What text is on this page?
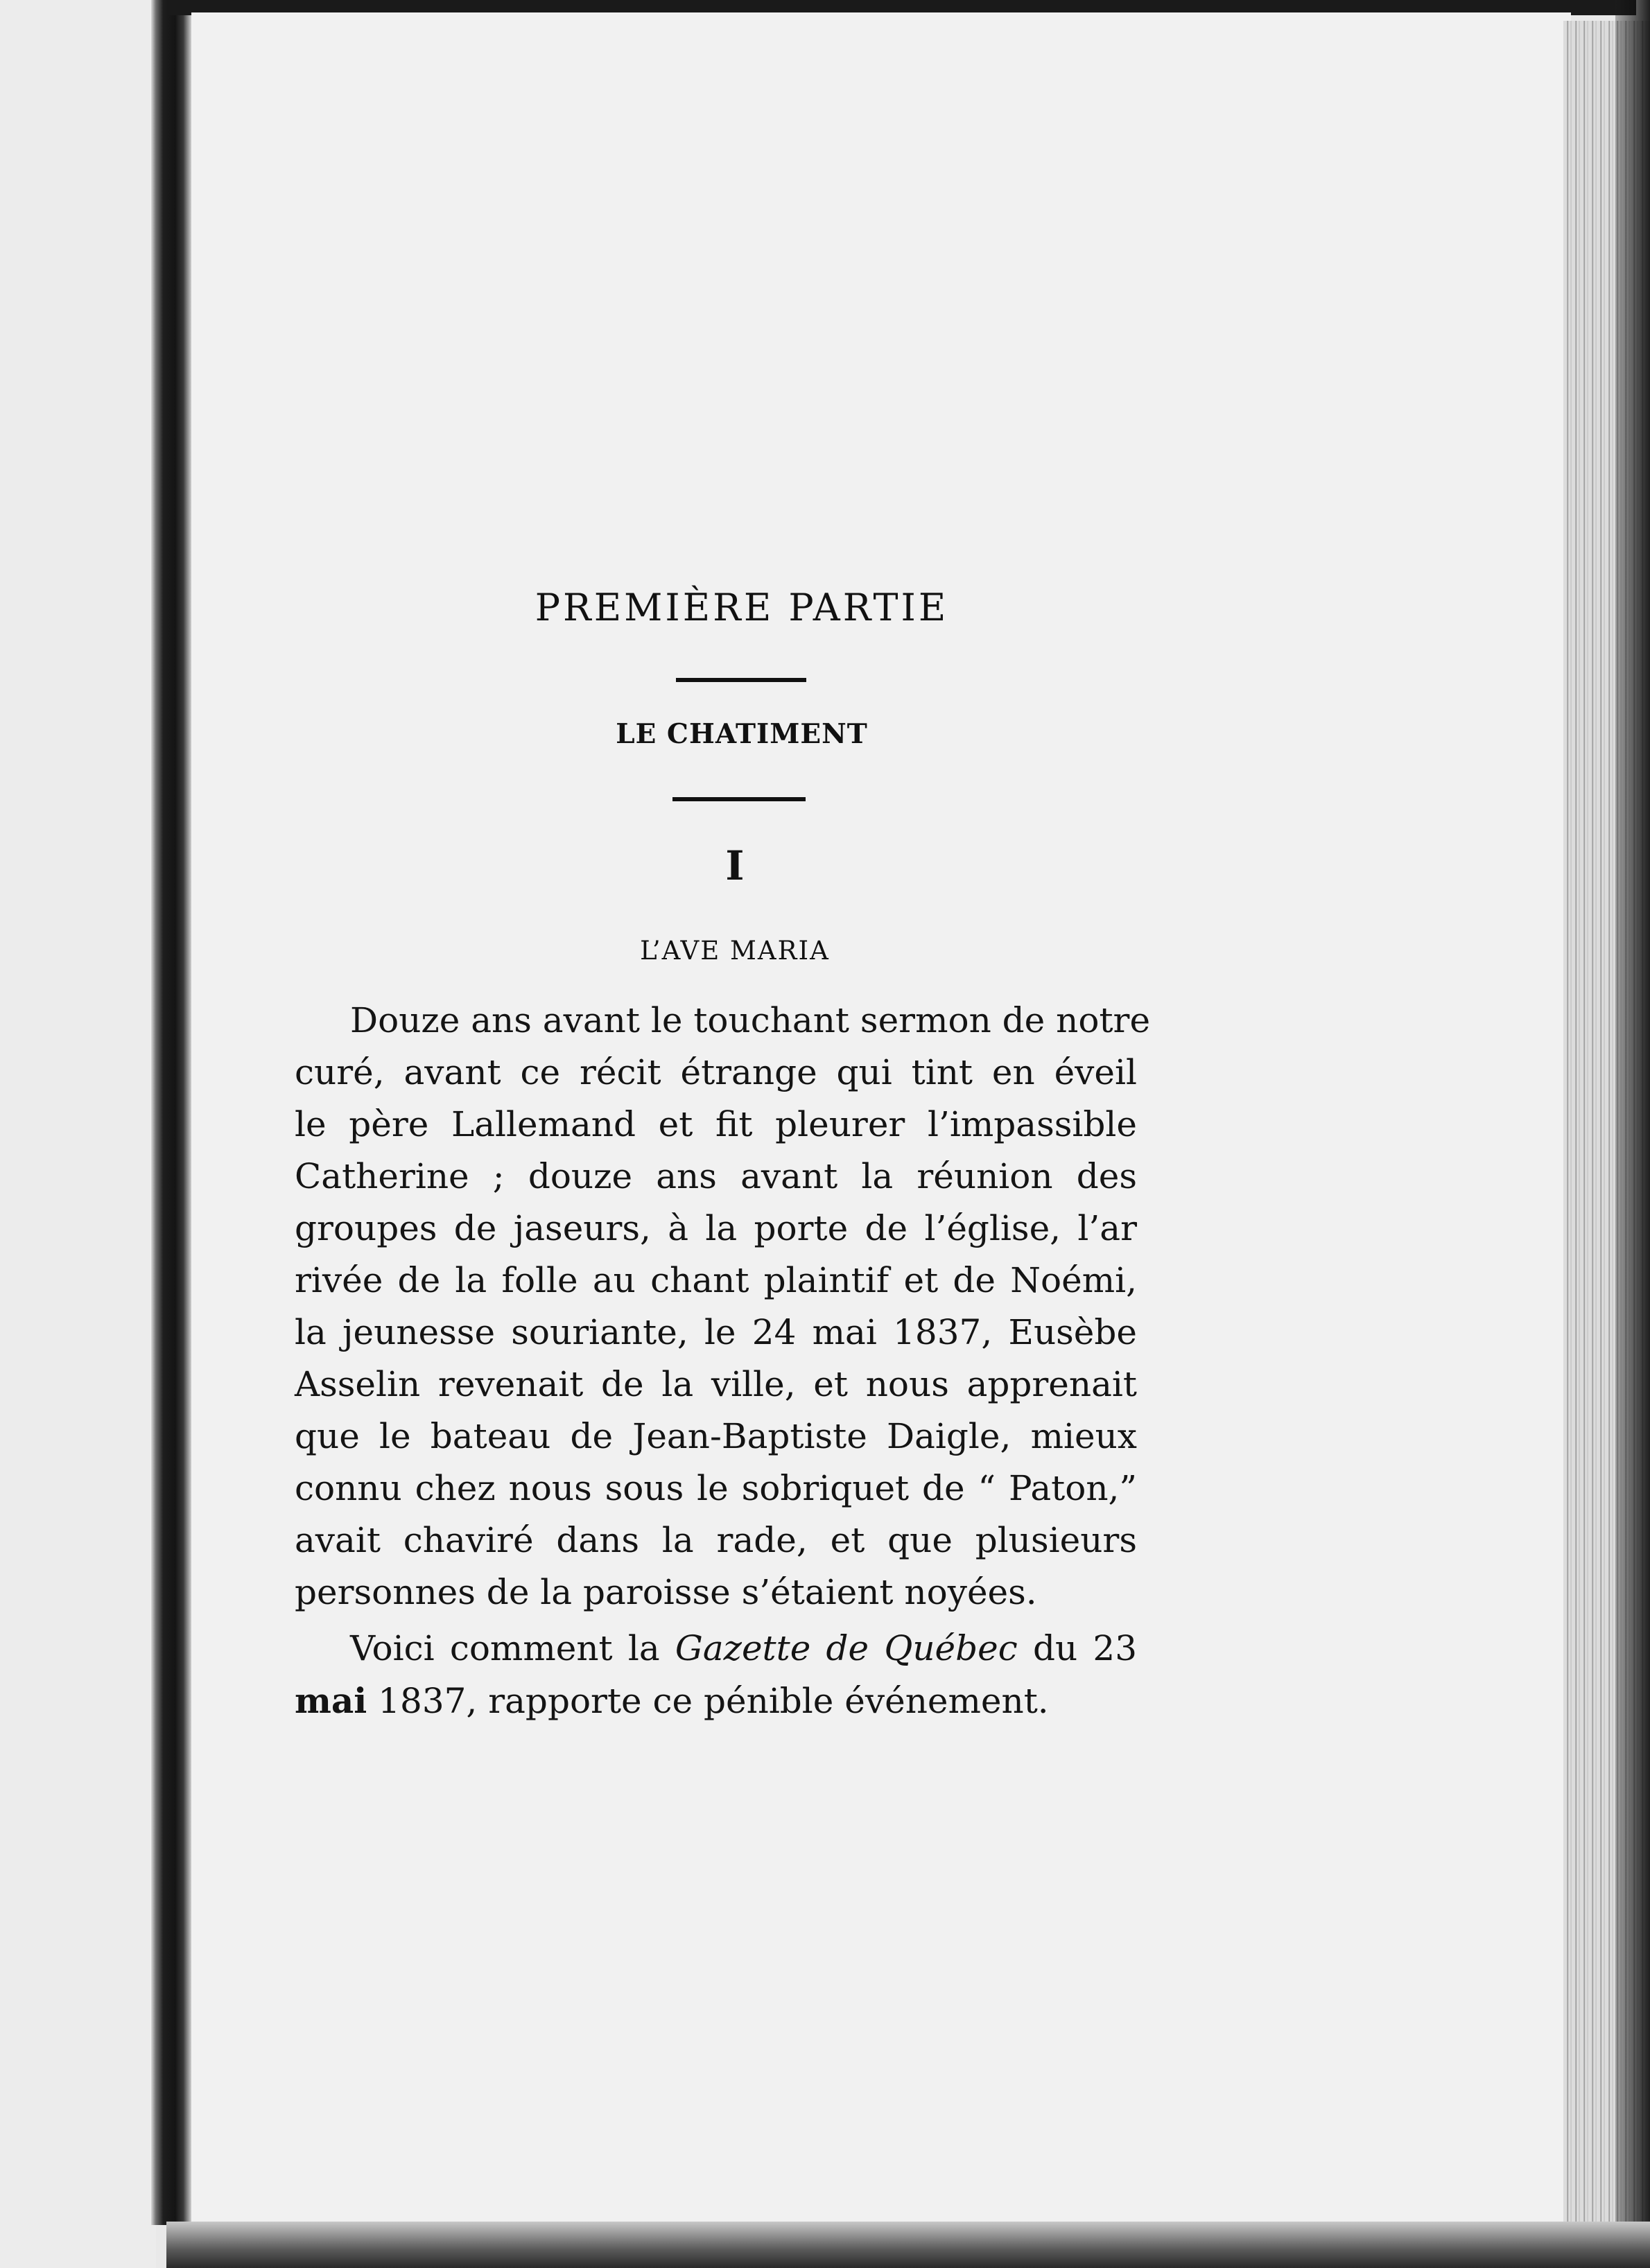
PREMIÈRE PARTIE
LE CHATIMENT
I
L’AVE MARIA
Douze ans avant le touchant sermon de notre
curé, avant ce récit étrange qui tint en éveil
le père Lallemand et fit pleurer l’impassible
Catherine ; douze ans avant la réunion des
groupes de jaseurs, à la porte de l’église, l’ar
rivée de la folle au chant plaintif et de Noémi,
la jeunesse souriante, le 24 mai 1837, Eusèbe
Asselin revenait de la ville, et nous apprenait
que le bateau de Jean-Baptiste Daigle, mieux
connu chez nous sous le sobriquet de “ Paton,”
avait chaviré dans la rade, et que plusieurs
personnes de la paroisse s’étaient noyées.
Voici comment la Gazette de Québec du 23
mai 1837, rapporte ce pénible événement.
